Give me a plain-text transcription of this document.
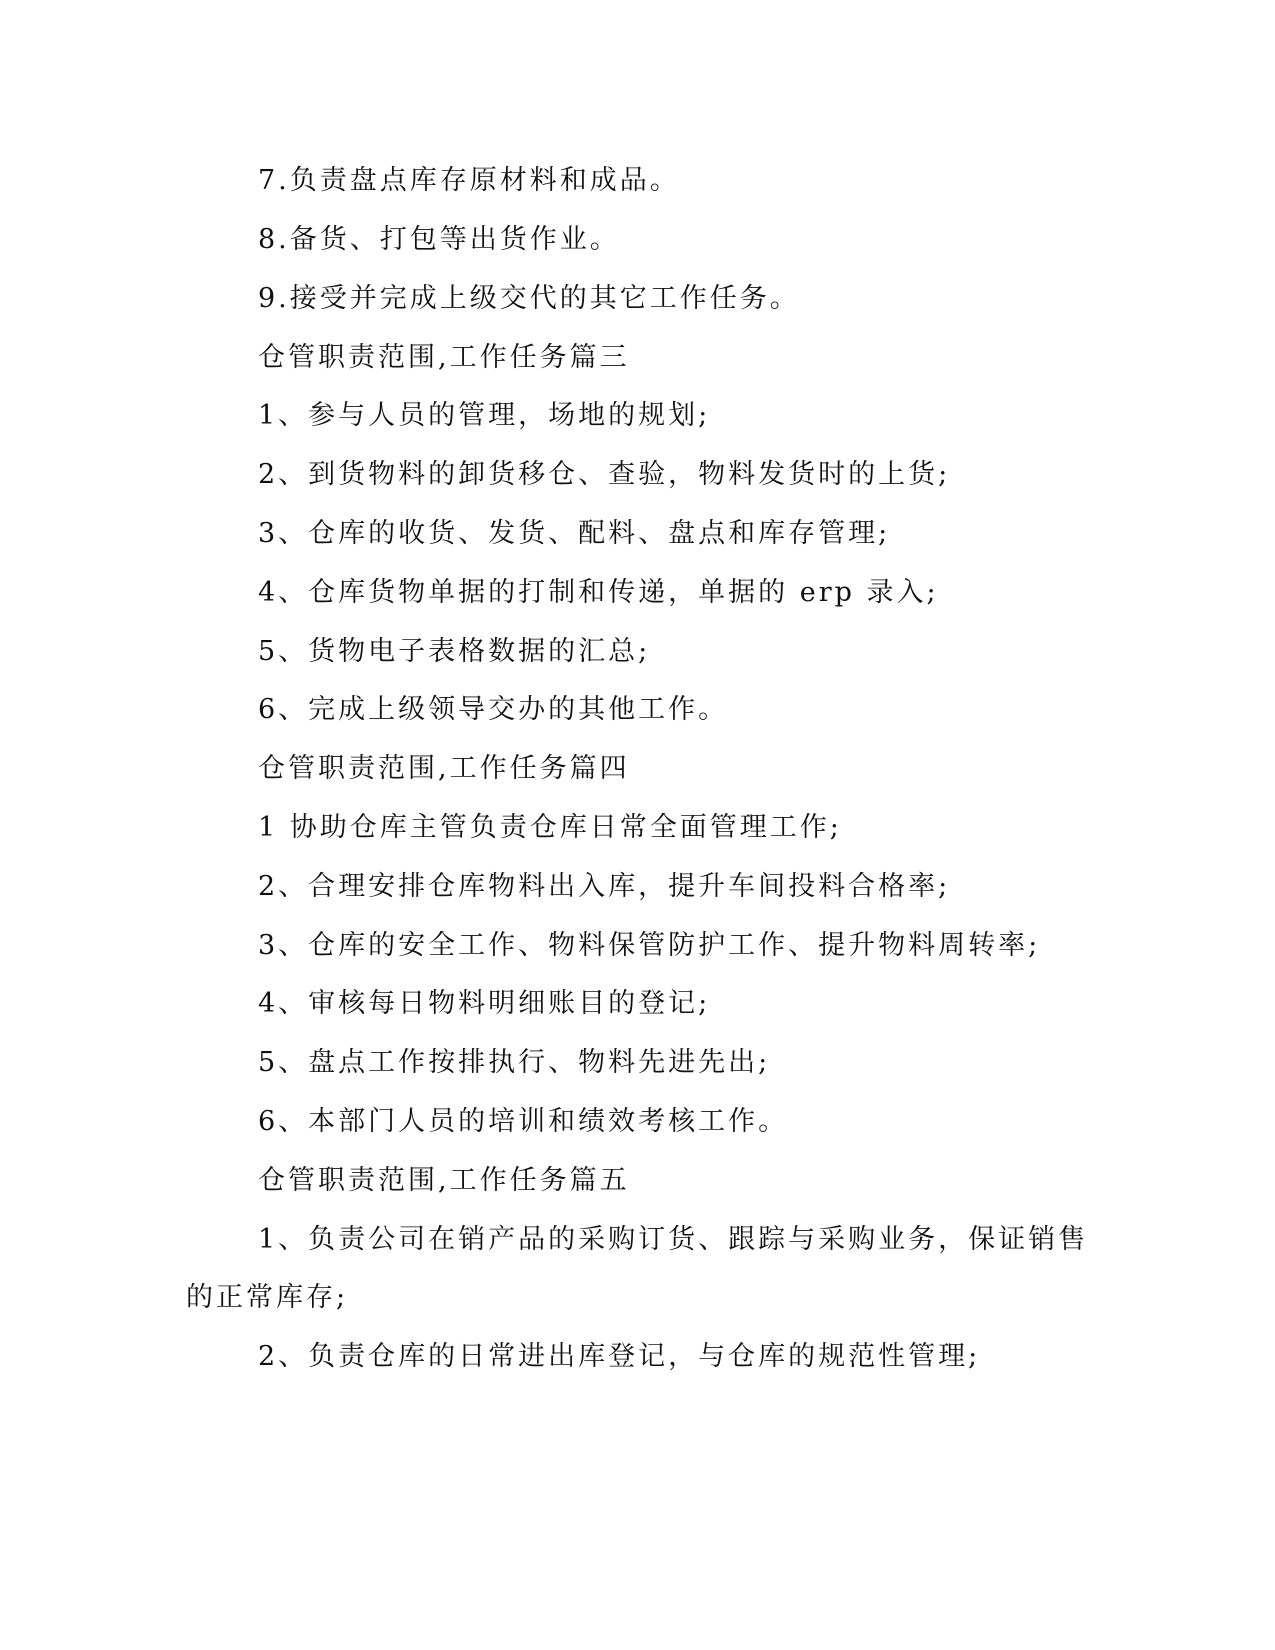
7.负责盘点库存原材料和成品。

8.备货、打包等出货作业。

9.接受并完成上级交代的其它工作任务。

仓管职责范围,工作任务篇三

1、参与人员的管理，场地的规划;

2、到货物料的卸货移仓、查验，物料发货时的上货;

3、仓库的收货、发货、配料、盘点和库存管理;

4、仓库货物单据的打制和传递，单据的 erp 录入;

5、货物电子表格数据的汇总;

6、完成上级领导交办的其他工作。

仓管职责范围,工作任务篇四

1 协助仓库主管负责仓库日常全面管理工作;

2、合理安排仓库物料出入库，提升车间投料合格率;

3、仓库的安全工作、物料保管防护工作、提升物料周转率;

4、审核每日物料明细账目的登记;

5、盘点工作按排执行、物料先进先出;

6、本部门人员的培训和绩效考核工作。

仓管职责范围,工作任务篇五

1、负责公司在销产品的采购订货、跟踪与采购业务，保证销售

的正常库存;

2、负责仓库的日常进出库登记，与仓库的规范性管理;
